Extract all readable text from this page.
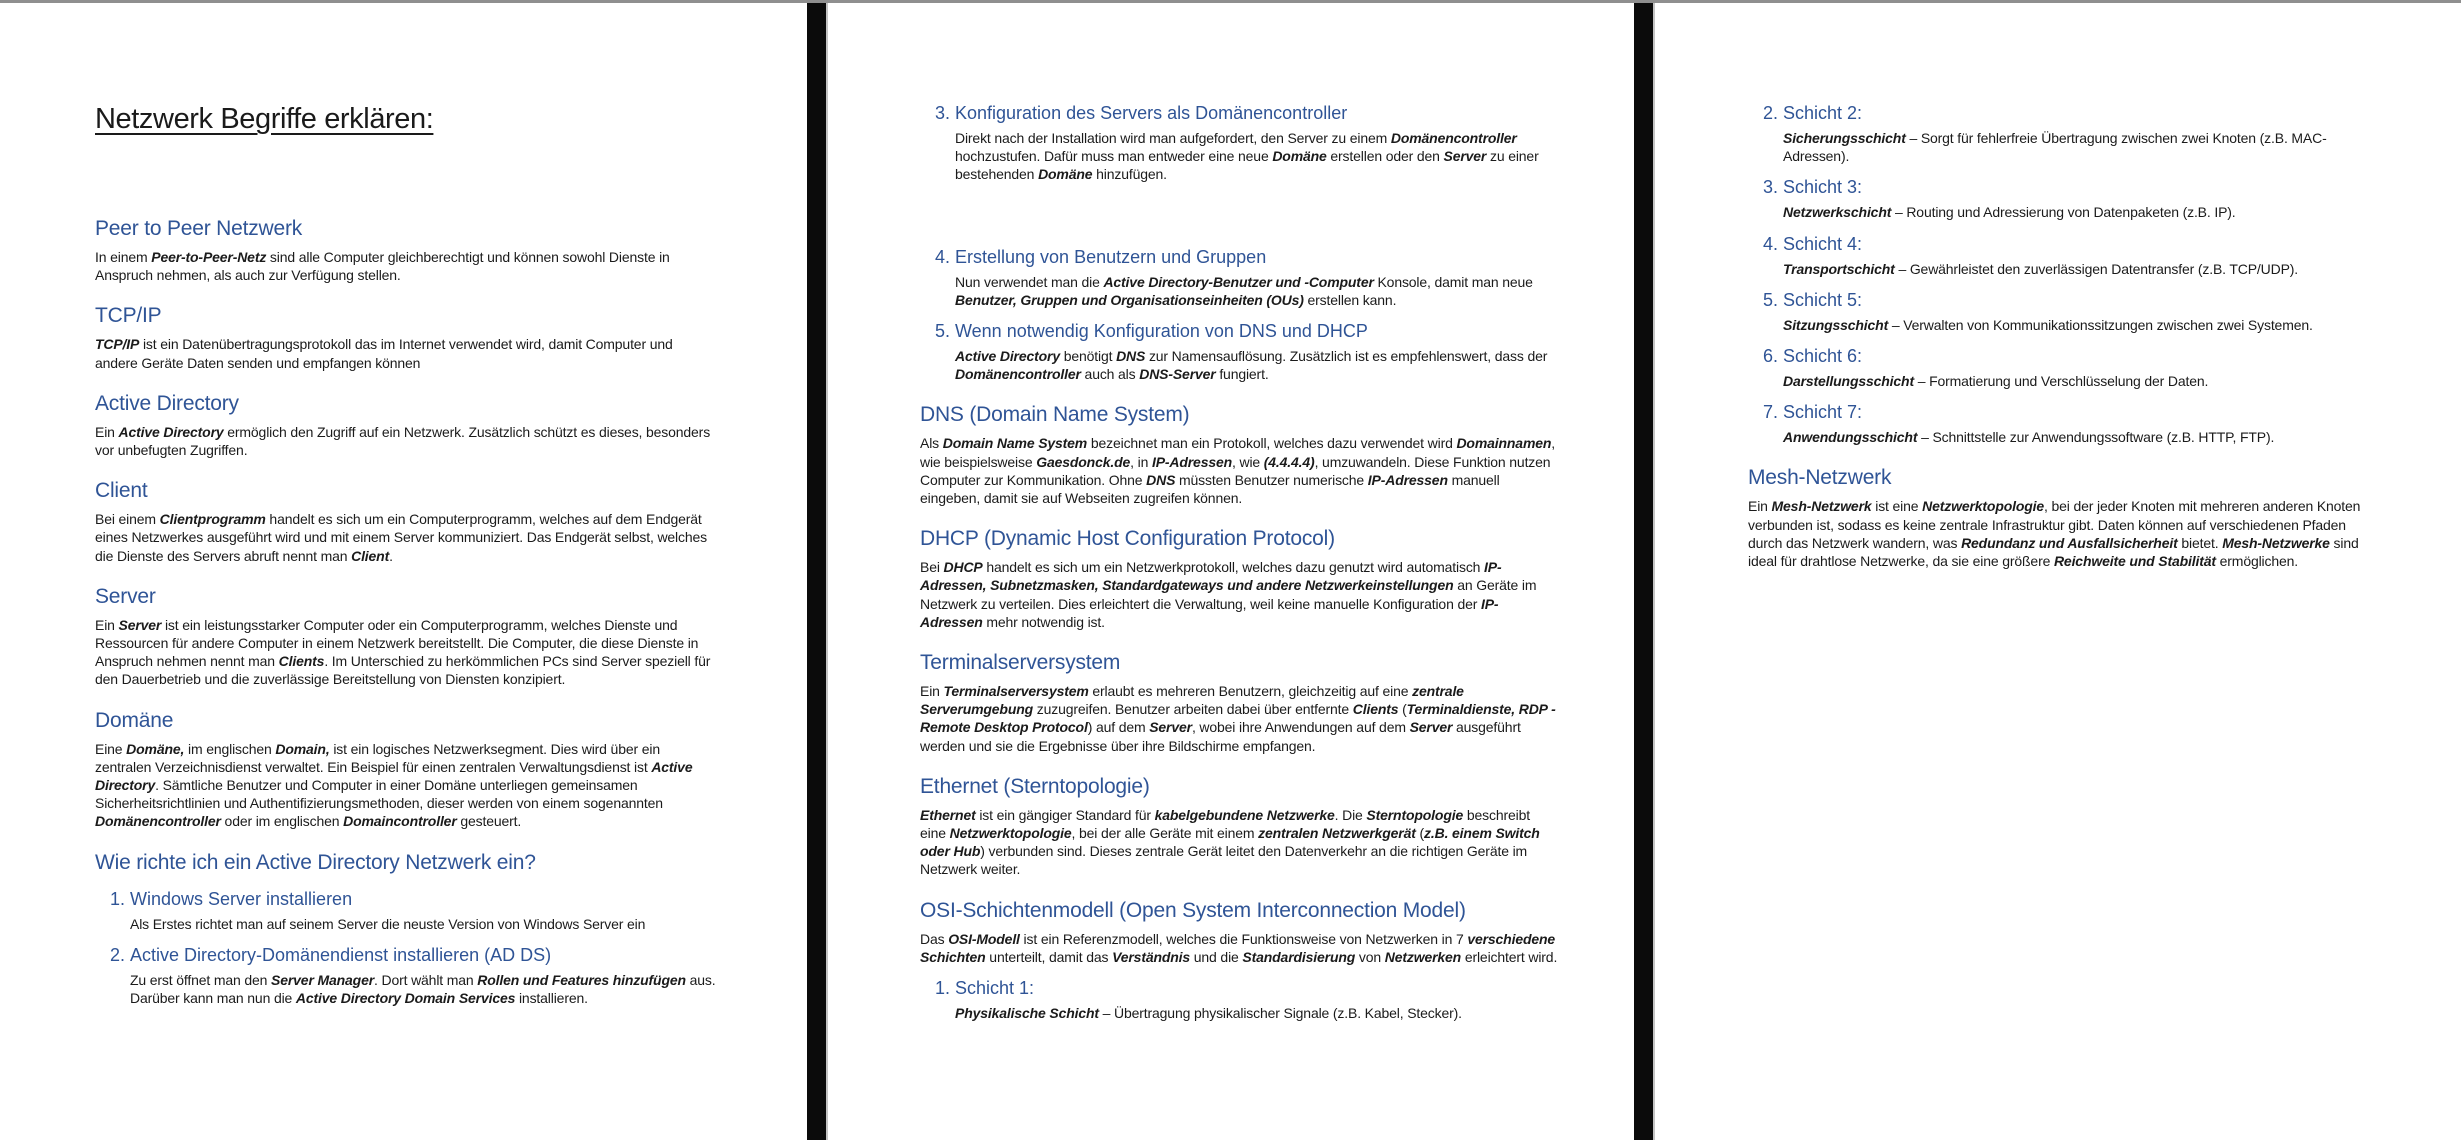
Netzwerk Begriffe erklären:
Peer to Peer Netzwerk

In einem Peer-to-Peer-Netz sind alle Computer gleichberechtigt und können sowohl Dienste in Anspruch nehmen, als auch zur Verfügung stellen.

TCP/IP

TCP/IP ist ein Datenübertragungsprotokoll das im Internet verwendet wird, damit Computer und andere Geräte Daten senden und empfangen können

Active Directory

Ein Active Directory ermöglich den Zugriff auf ein Netzwerk. Zusätzlich schützt es dieses, besonders vor unbefugten Zugriffen.

Client

Bei einem Clientprogramm handelt es sich um ein Computerprogramm, welches auf dem Endgerät eines Netzwerkes ausgeführt wird und mit einem Server kommuniziert. Das Endgerät selbst, welches die Dienste des Servers abruft nennt man Client.

Server

Ein Server ist ein leistungsstarker Computer oder ein Computerprogramm, welches Dienste und Ressourcen für andere Computer in einem Netzwerk bereitstellt. Die Computer, die diese Dienste in Anspruch nehmen nennt man Clients. Im Unterschied zu herkömmlichen PCs sind Server speziell für den Dauerbetrieb und die zuverlässige Bereitstellung von Diensten konzipiert.

Domäne

Eine Domäne, im englischen Domain, ist ein logisches Netzwerksegment. Dies wird über ein zentralen Verzeichnisdienst verwaltet. Ein Beispiel für einen zentralen Verwaltungsdienst ist Active Directory. Sämtliche Benutzer und Computer in einer Domäne unterliegen gemeinsamen Sicherheitsrichtlinien und Authentifizierungsmethoden, dieser werden von einem sogenannten Domänencontroller oder im englischen Domaincontroller gesteuert.

Wie richte ich ein Active Directory Netzwerk ein?
1. Windows Server installieren

Als Erstes richtet man auf seinem Server die neuste Version von Windows Server ein

2. Active Directory-Domänendienst installieren (AD DS)

Zu erst öffnet man den Server Manager. Dort wählt man Rollen und Features hinzufügen aus. Darüber kann man nun die Active Directory Domain Services installieren.

3. Konfiguration des Servers als Domänencontroller

Direkt nach der Installation wird man aufgefordert, den Server zu einem Domänencontroller hochzustufen. Dafür muss man entweder eine neue Domäne erstellen oder den Server zu einer bestehenden Domäne hinzufügen.

4. Erstellung von Benutzern und Gruppen

Nun verwendet man die Active Directory-Benutzer und -Computer Konsole, damit man neue Benutzer, Gruppen und Organisationseinheiten (OUs) erstellen kann.

5. Wenn notwendig Konfiguration von DNS und DHCP

Active Directory benötigt DNS zur Namensauflösung. Zusätzlich ist es empfehlenswert, dass der Domänencontroller auch als DNS-Server fungiert.

DNS (Domain Name System)

Als Domain Name System bezeichnet man ein Protokoll, welches dazu verwendet wird Domainnamen, wie beispielsweise Gaesdonck.de, in IP-Adressen, wie (4.4.4.4), umzuwandeln. Diese Funktion nutzen Computer zur Kommunikation. Ohne DNS müssten Benutzer numerische IP-Adressen manuell eingeben, damit sie auf Webseiten zugreifen können.

DHCP (Dynamic Host Configuration Protocol)

Bei DHCP handelt es sich um ein Netzwerkprotokoll, welches dazu genutzt wird automatisch IP-Adressen, Subnetzmasken, Standardgateways und andere Netzwerkeinstellungen an Geräte im Netzwerk zu verteilen. Dies erleichtert die Verwaltung, weil keine manuelle Konfiguration der IP-Adressen mehr notwendig ist.

Terminalserversystem

Ein Terminalserversystem erlaubt es mehreren Benutzern, gleichzeitig auf eine zentrale Serverumgebung zuzugreifen. Benutzer arbeiten dabei über entfernte Clients (Terminaldienste, RDP - Remote Desktop Protocol) auf dem Server, wobei ihre Anwendungen auf dem Server ausgeführt werden und sie die Ergebnisse über ihre Bildschirme empfangen.

Ethernet (Sterntopologie)

Ethernet ist ein gängiger Standard für kabelgebundene Netzwerke. Die Sterntopologie beschreibt eine Netzwerktopologie, bei der alle Geräte mit einem zentralen Netzwerkgerät (z.B. einem Switch oder Hub) verbunden sind. Dieses zentrale Gerät leitet den Datenverkehr an die richtigen Geräte im Netzwerk weiter.

OSI-Schichtenmodell (Open System Interconnection Model)

Das OSI-Modell ist ein Referenzmodell, welches die Funktionsweise von Netzwerken in 7 verschiedene Schichten unterteilt, damit das Verständnis und die Standardisierung von Netzwerken erleichtert wird.

1. Schicht 1:

Physikalische Schicht – Übertragung physikalischer Signale (z.B. Kabel, Stecker).

2. Schicht 2:

Sicherungsschicht – Sorgt für fehlerfreie Übertragung zwischen zwei Knoten (z.B. MAC-Adressen).

3. Schicht 3:

Netzwerkschicht – Routing und Adressierung von Datenpaketen (z.B. IP).

4. Schicht 4:

Transportschicht – Gewährleistet den zuverlässigen Datentransfer (z.B. TCP/UDP).

5. Schicht 5:

Sitzungsschicht – Verwalten von Kommunikationssitzungen zwischen zwei Systemen.

6. Schicht 6:

Darstellungsschicht – Formatierung und Verschlüsselung der Daten.

7. Schicht 7:

Anwendungsschicht – Schnittstelle zur Anwendungssoftware (z.B. HTTP, FTP).

Mesh-Netzwerk

Ein Mesh-Netzwerk ist eine Netzwerktopologie, bei der jeder Knoten mit mehreren anderen Knoten verbunden ist, sodass es keine zentrale Infrastruktur gibt. Daten können auf verschiedenen Pfaden durch das Netzwerk wandern, was Redundanz und Ausfallsicherheit bietet. Mesh-Netzwerke sind ideal für drahtlose Netzwerke, da sie eine größere Reichweite und Stabilität ermöglichen.
